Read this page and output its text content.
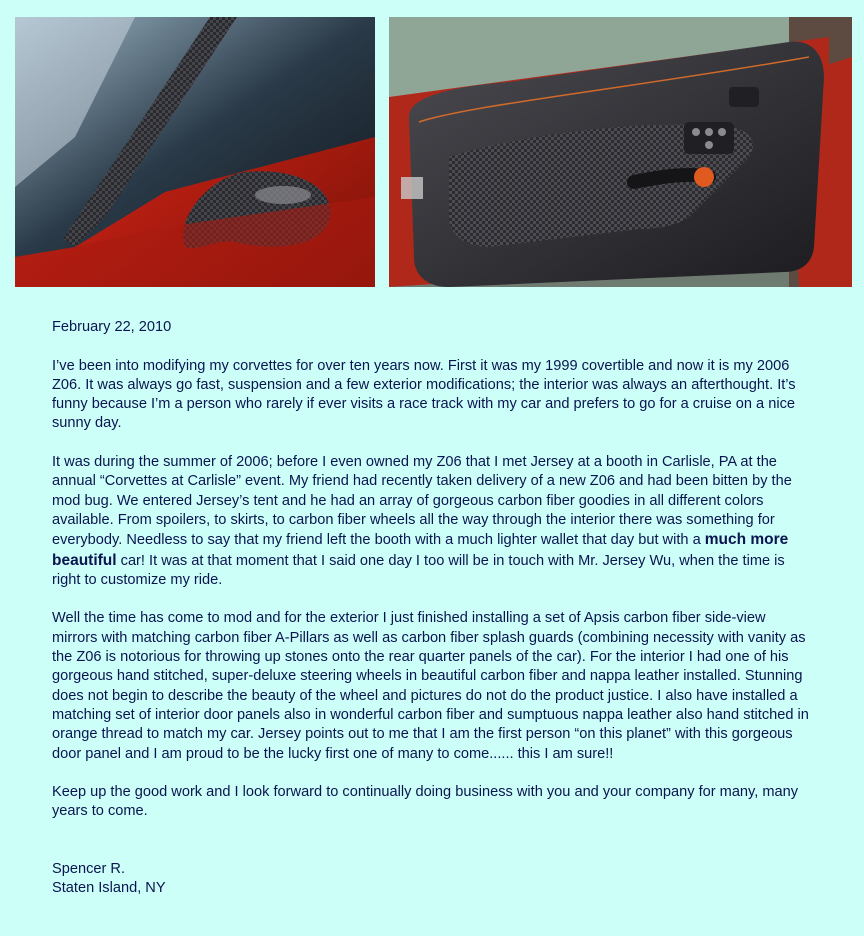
February 22, 2010

I’ve been into modifying my corvettes for over ten years now. First it was my 1999 covertible and now it is my 2006 Z06. It was always go fast, suspension and a few exterior modifications; the interior was always an afterthought. It’s funny because I’m a person who rarely if ever visits a race track with my car and prefers to go for a cruise on a nice sunny day.

It was during the summer of 2006; before I even owned my Z06 that I met Jersey at a booth in Carlisle, PA at the annual “Corvettes at Carlisle” event. My friend had recently taken delivery of a new Z06 and had been bitten by the mod bug. We entered Jersey’s tent and he had an array of gorgeous carbon fiber goodies in all different colors available. From spoilers, to skirts, to carbon fiber wheels all the way through the interior there was something for everybody. Needless to say that my friend left the booth with a much lighter wallet that day but with a much more beautiful car! It was at that moment that I said one day I too will be in touch with Mr. Jersey Wu, when the time is right to customize my ride.

Well the time has come to mod and for the exterior I just finished installing a set of Apsis carbon fiber side-view mirrors with matching carbon fiber A-Pillars as well as carbon fiber splash guards (combining necessity with vanity as the Z06 is notorious for throwing up stones onto the rear quarter panels of the car). For the interior I had one of his gorgeous hand stitched, super-deluxe steering wheels in beautiful carbon fiber and nappa leather installed. Stunning does not begin to describe the beauty of the wheel and pictures do not do the product justice. I also have installed a matching set of interior door panels also in wonderful carbon fiber and sumptuous nappa leather also hand stitched in orange thread to match my car. Jersey points out to me that I am the first person “on this planet” with this gorgeous door panel and I am proud to be the lucky first one of many to come...... this I am sure!!

Keep up the good work and I look forward to continually doing business with you and your company for many, many years to come.

Spencer R.
Staten Island, NY
